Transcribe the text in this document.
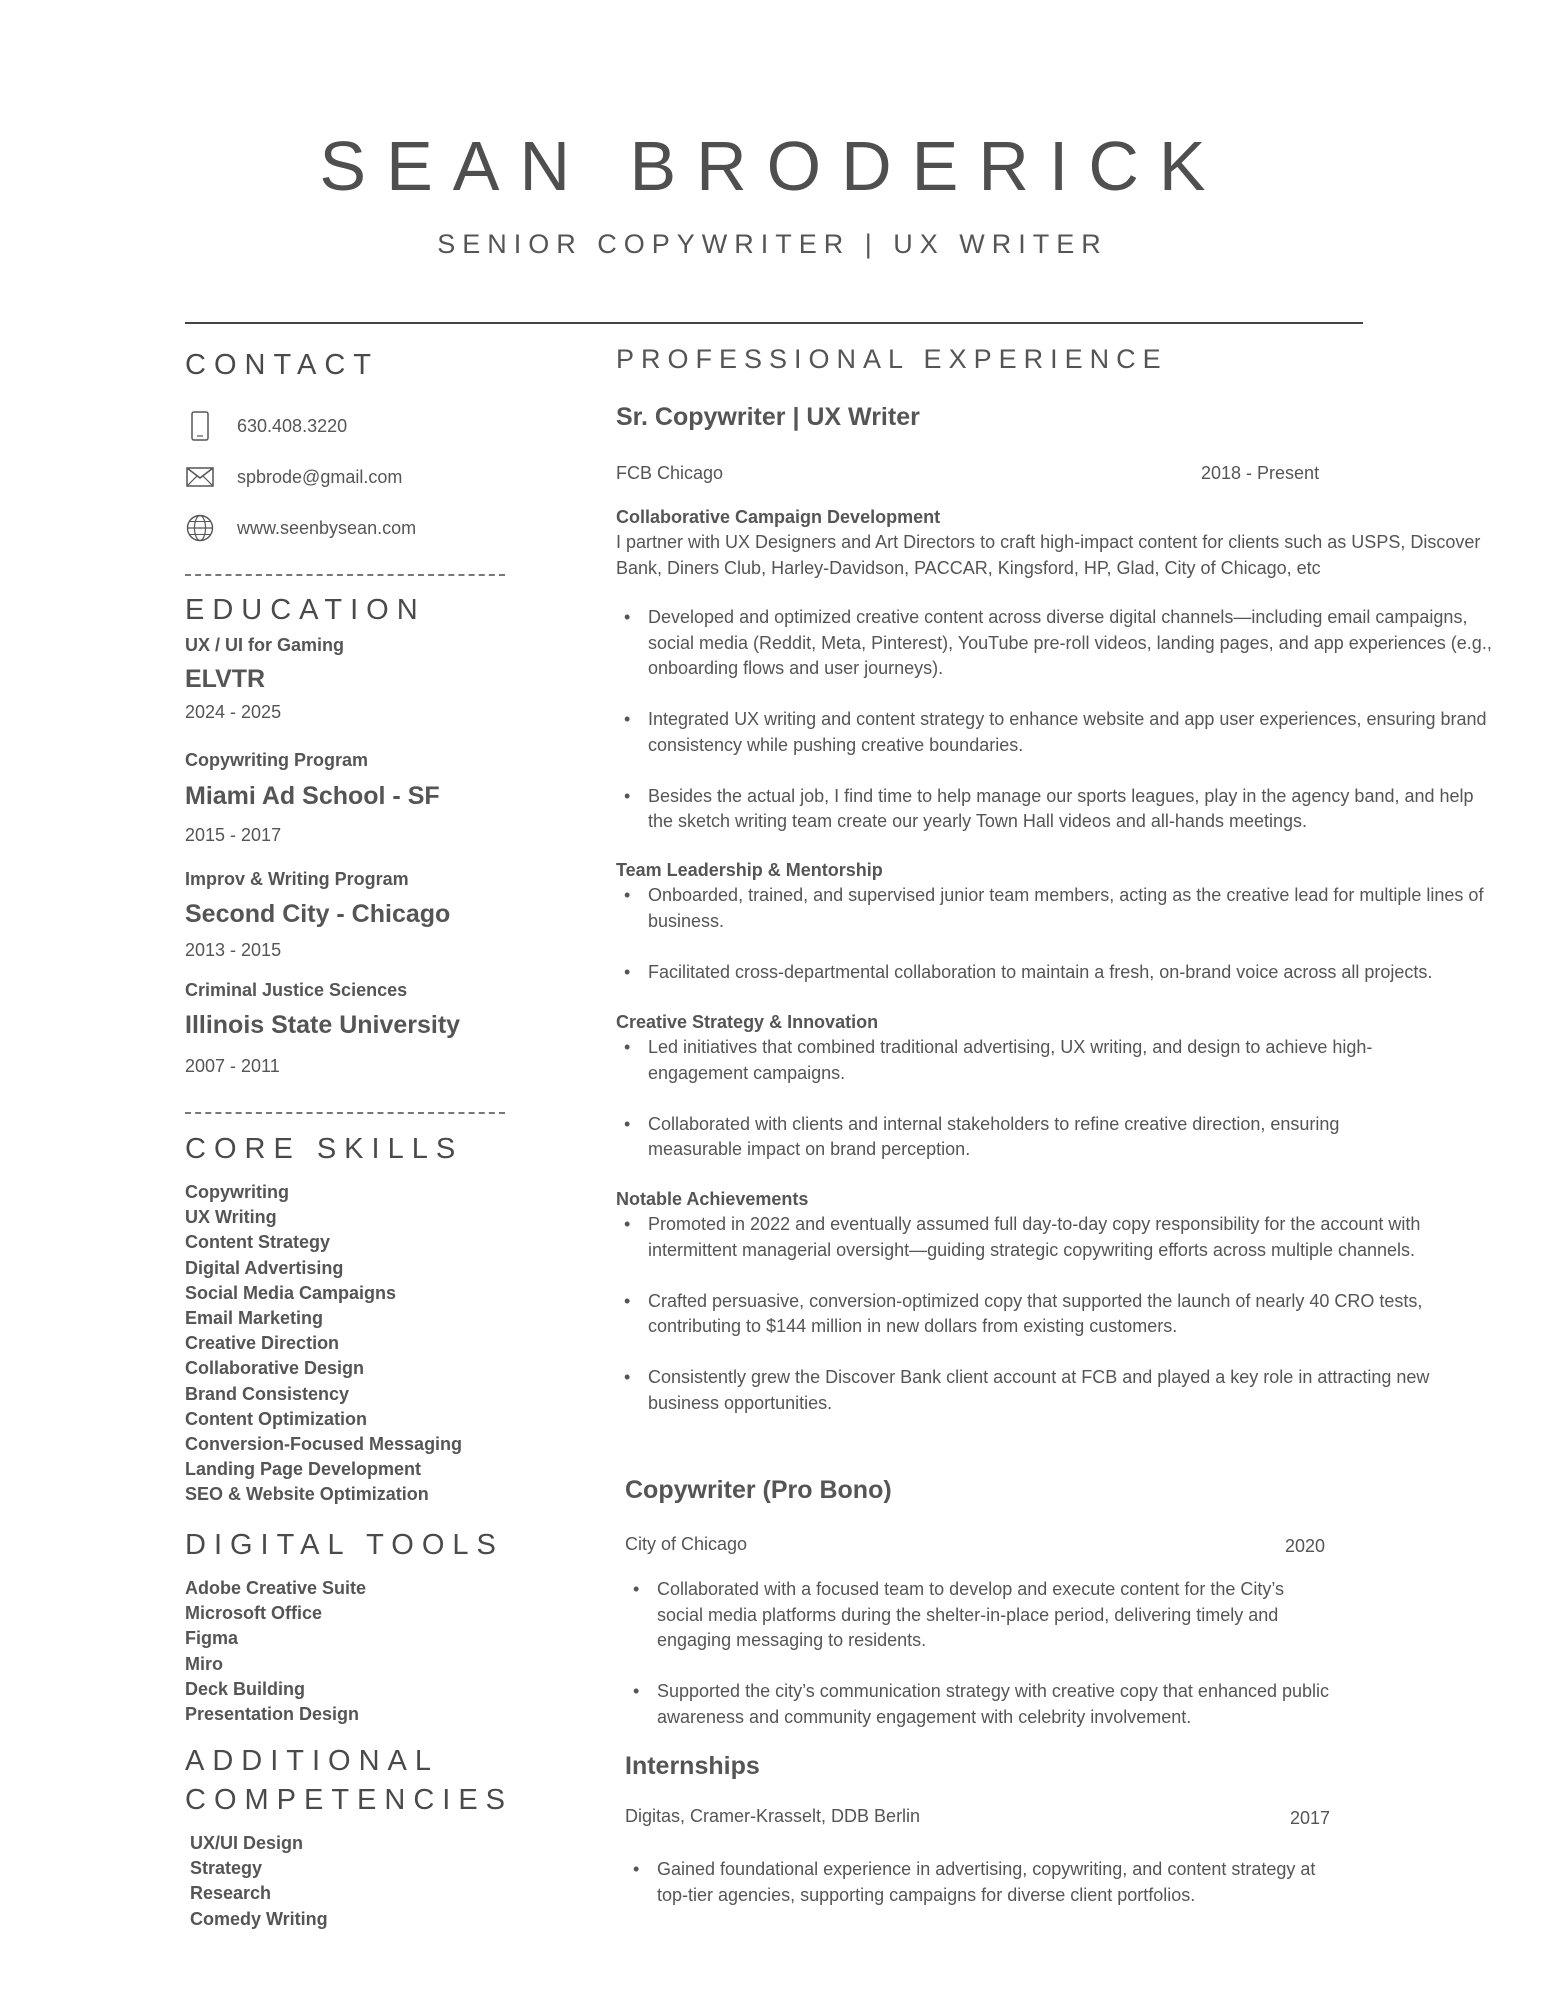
SEAN BRODERICK
SENIOR COPYWRITER | UX WRITER
CONTACT
630.408.3220
spbrode@gmail.com
www.seenbysean.com
EDUCATION
UX / UI for Gaming
ELVTR
2024 - 2025
Copywriting Program
Miami Ad School - SF
2015 - 2017
Improv & Writing Program
Second City - Chicago
2013 - 2015
Criminal Justice Sciences
Illinois State University
2007 - 2011
CORE SKILLS
Copywriting
UX Writing
Content Strategy
Digital Advertising
Social Media Campaigns
Email Marketing
Creative Direction
Collaborative Design
Brand Consistency
Content Optimization
Conversion-Focused Messaging
Landing Page Development
SEO & Website Optimization
DIGITAL TOOLS
Adobe Creative Suite
Microsoft Office
Figma
Miro
Deck Building
Presentation Design
ADDITIONAL
COMPETENCIES
UX/UI Design
Strategy
Research
Comedy Writing
PROFESSIONAL EXPERIENCE
Sr. Copywriter | UX Writer
FCB Chicago	2018 - Present
Collaborative Campaign Development
I partner with UX Designers and Art Directors to craft high-impact content for clients such as USPS, Discover Bank, Diners Club, Harley-Davidson, PACCAR, Kingsford, HP, Glad, City of Chicago, etc
• Developed and optimized creative content across diverse digital channels—including email campaigns, social media (Reddit, Meta, Pinterest), YouTube pre-roll videos, landing pages, and app experiences (e.g., onboarding flows and user journeys).
• Integrated UX writing and content strategy to enhance website and app user experiences, ensuring brand consistency while pushing creative boundaries.
• Besides the actual job, I find time to help manage our sports leagues, play in the agency band, and help the sketch writing team create our yearly Town Hall videos and all-hands meetings.
Team Leadership & Mentorship
• Onboarded, trained, and supervised junior team members, acting as the creative lead for multiple lines of business.
• Facilitated cross-departmental collaboration to maintain a fresh, on-brand voice across all projects.
Creative Strategy & Innovation
• Led initiatives that combined traditional advertising, UX writing, and design to achieve high-engagement campaigns.
• Collaborated with clients and internal stakeholders to refine creative direction, ensuring measurable impact on brand perception.
Notable Achievements
• Promoted in 2022 and eventually assumed full day-to-day copy responsibility for the account with intermittent managerial oversight—guiding strategic copywriting efforts across multiple channels.
• Crafted persuasive, conversion-optimized copy that supported the launch of nearly 40 CRO tests, contributing to $144 million in new dollars from existing customers.
• Consistently grew the Discover Bank client account at FCB and played a key role in attracting new business opportunities.
Copywriter (Pro Bono)
City of Chicago	2020
• Collaborated with a focused team to develop and execute content for the City’s social media platforms during the shelter-in-place period, delivering timely and engaging messaging to residents.
• Supported the city’s communication strategy with creative copy that enhanced public awareness and community engagement with celebrity involvement.
Internships
Digitas, Cramer-Krasselt, DDB Berlin	2017
• Gained foundational experience in advertising, copywriting, and content strategy at top-tier agencies, supporting campaigns for diverse client portfolios.
